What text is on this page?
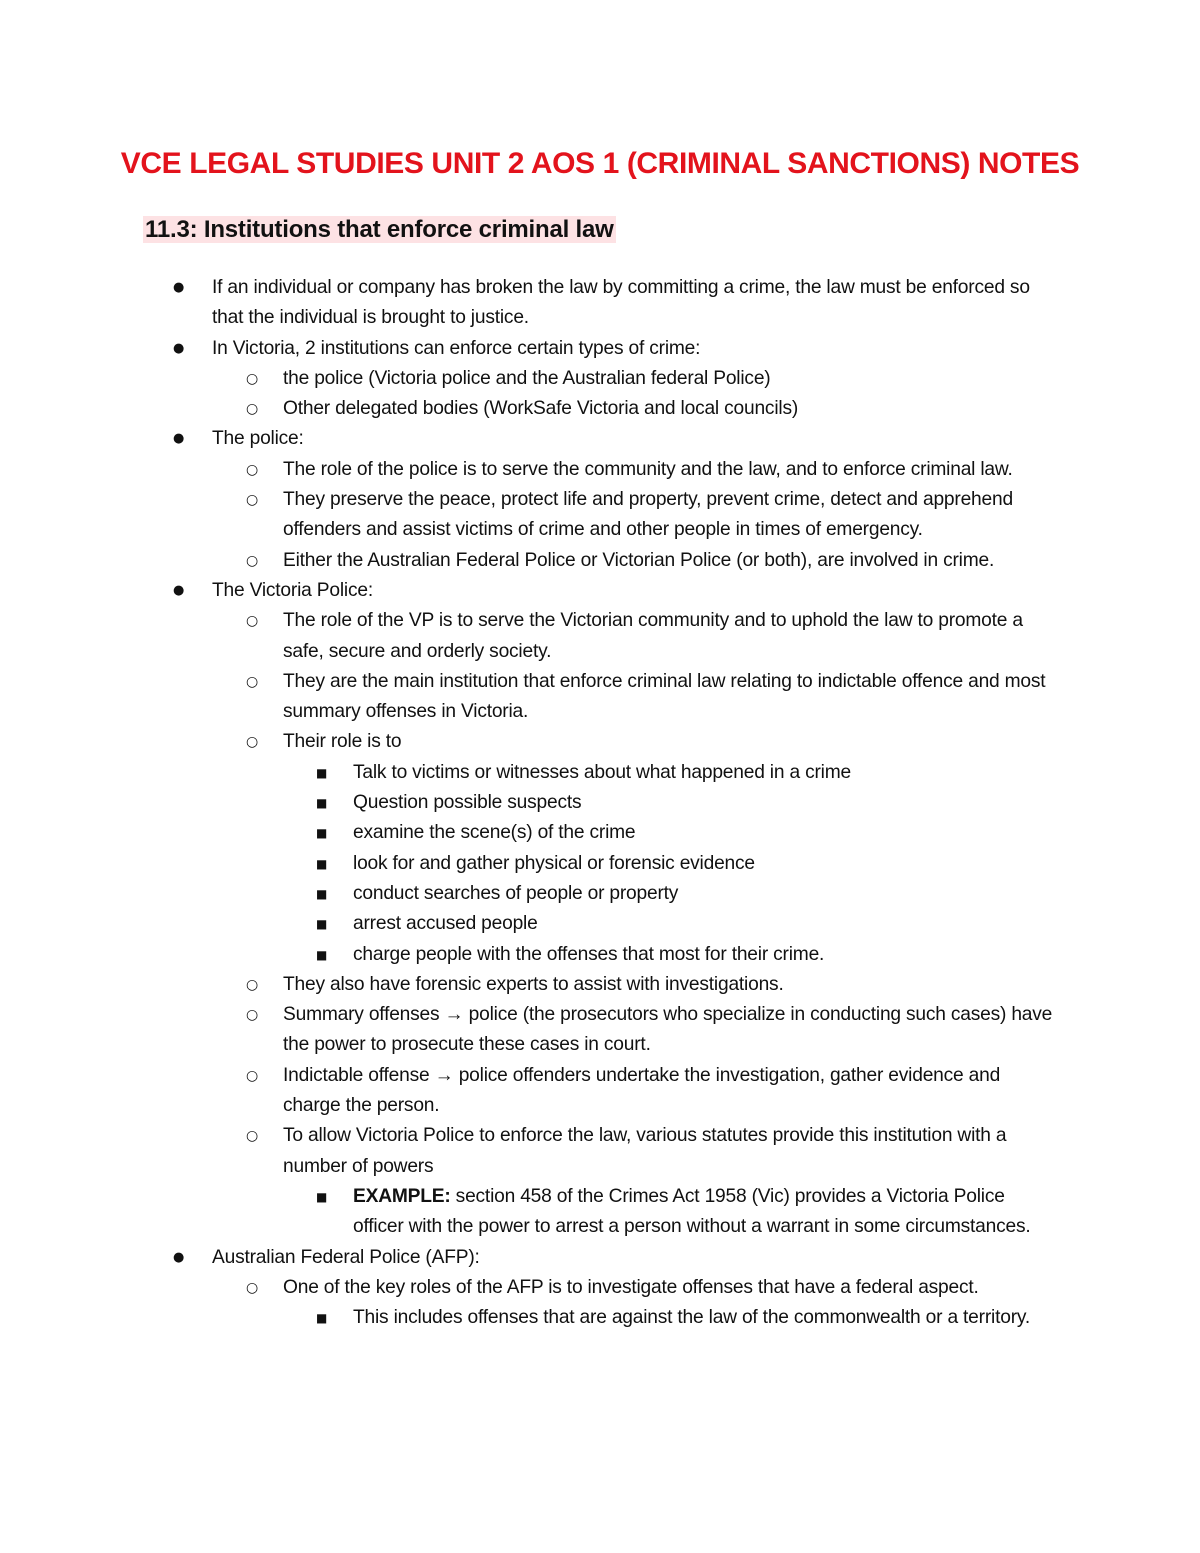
VCE LEGAL STUDIES UNIT 2 AOS 1 (CRIMINAL SANCTIONS) NOTES
11.3: Institutions that enforce criminal law
● If an individual or company has broken the law by committing a crime, the law must be enforced so that the individual is brought to justice.
● In Victoria, 2 institutions can enforce certain types of crime:
○ the police (Victoria police and the Australian federal Police)
○ Other delegated bodies (WorkSafe Victoria and local councils)
● The police:
○ The role of the police is to serve the community and the law, and to enforce criminal law.
○ They preserve the peace, protect life and property, prevent crime, detect and apprehend offenders and assist victims of crime and other people in times of emergency.
○ Either the Australian Federal Police or Victorian Police (or both), are involved in crime.
● The Victoria Police:
○ The role of the VP is to serve the Victorian community and to uphold the law to promote a safe, secure and orderly society.
○ They are the main institution that enforce criminal law relating to indictable offence and most summary offenses in Victoria.
○ Their role is to
■ Talk to victims or witnesses about what happened in a crime
■ Question possible suspects
■ examine the scene(s) of the crime
■ look for and gather physical or forensic evidence
■ conduct searches of people or property
■ arrest accused people
■ charge people with the offenses that most for their crime.
○ They also have forensic experts to assist with investigations.
○ Summary offenses → police (the prosecutors who specialize in conducting such cases) have the power to prosecute these cases in court.
○ Indictable offense → police offenders undertake the investigation, gather evidence and charge the person.
○ To allow Victoria Police to enforce the law, various statutes provide this institution with a number of powers
■ EXAMPLE: section 458 of the Crimes Act 1958 (Vic) provides a Victoria Police officer with the power to arrest a person without a warrant in some circumstances.
● Australian Federal Police (AFP):
○ One of the key roles of the AFP is to investigate offenses that have a federal aspect.
■ This includes offenses that are against the law of the commonwealth or a territory.
